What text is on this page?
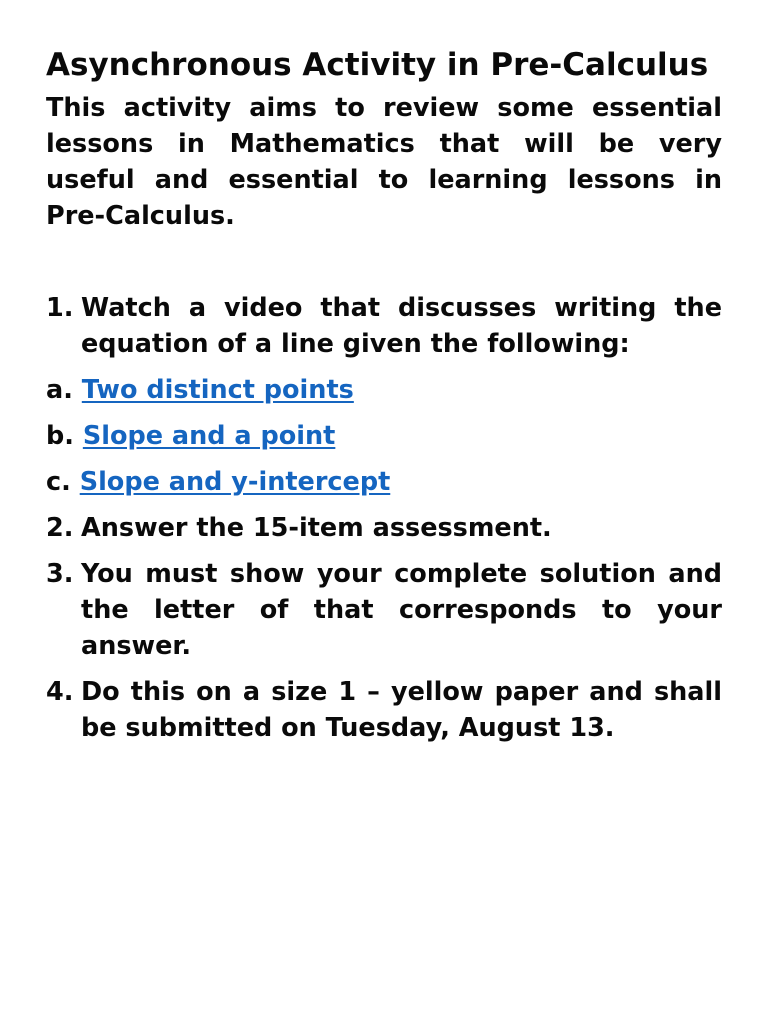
Asynchronous Activity in Pre-Calculus

This activity aims to review some essential lessons in Mathematics that will be very useful and essential to learning lessons in Pre-Calculus.

1. Watch a video that discusses writing the equation of a line given the following:
a. Two distinct points
b. Slope and a point
c. Slope and y-intercept
2. Answer the 15-item assessment.
3. You must show your complete solution and the letter of that corresponds to your answer.
4. Do this on a size 1 – yellow paper and shall be submitted on Tuesday, August 13.
